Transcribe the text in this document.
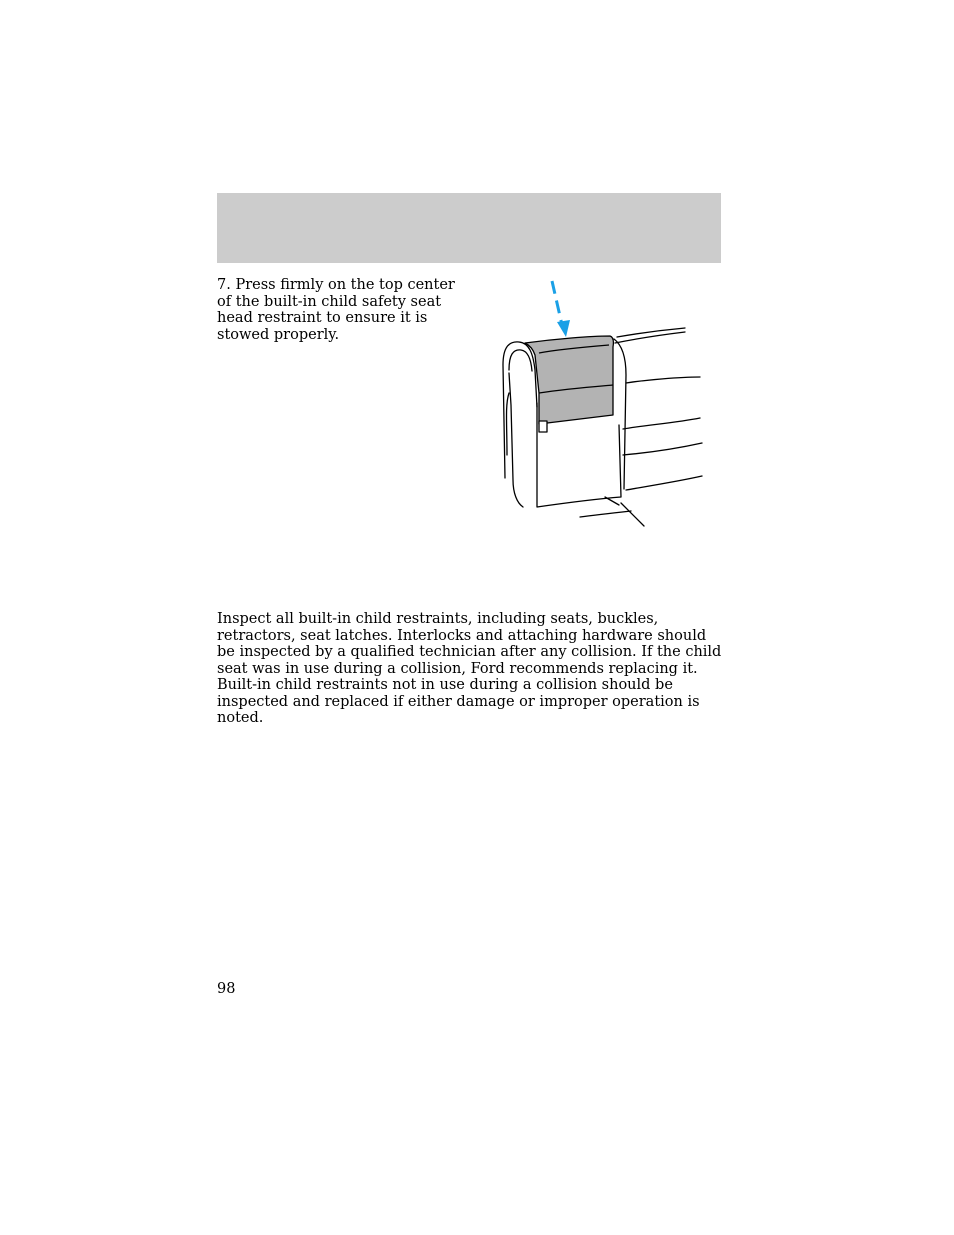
7. Press firmly on the top center of the built-in child safety seat head restraint to ensure it is stowed properly.

Inspect all built-in child restraints, including seats, buckles, retractors, seat latches. Interlocks and attaching hardware should be inspected by a qualified technician after any collision. If the child seat was in use during a collision, Ford recommends replacing it. Built-in child restraints not in use during a collision should be inspected and replaced if either damage or improper operation is noted.

98
